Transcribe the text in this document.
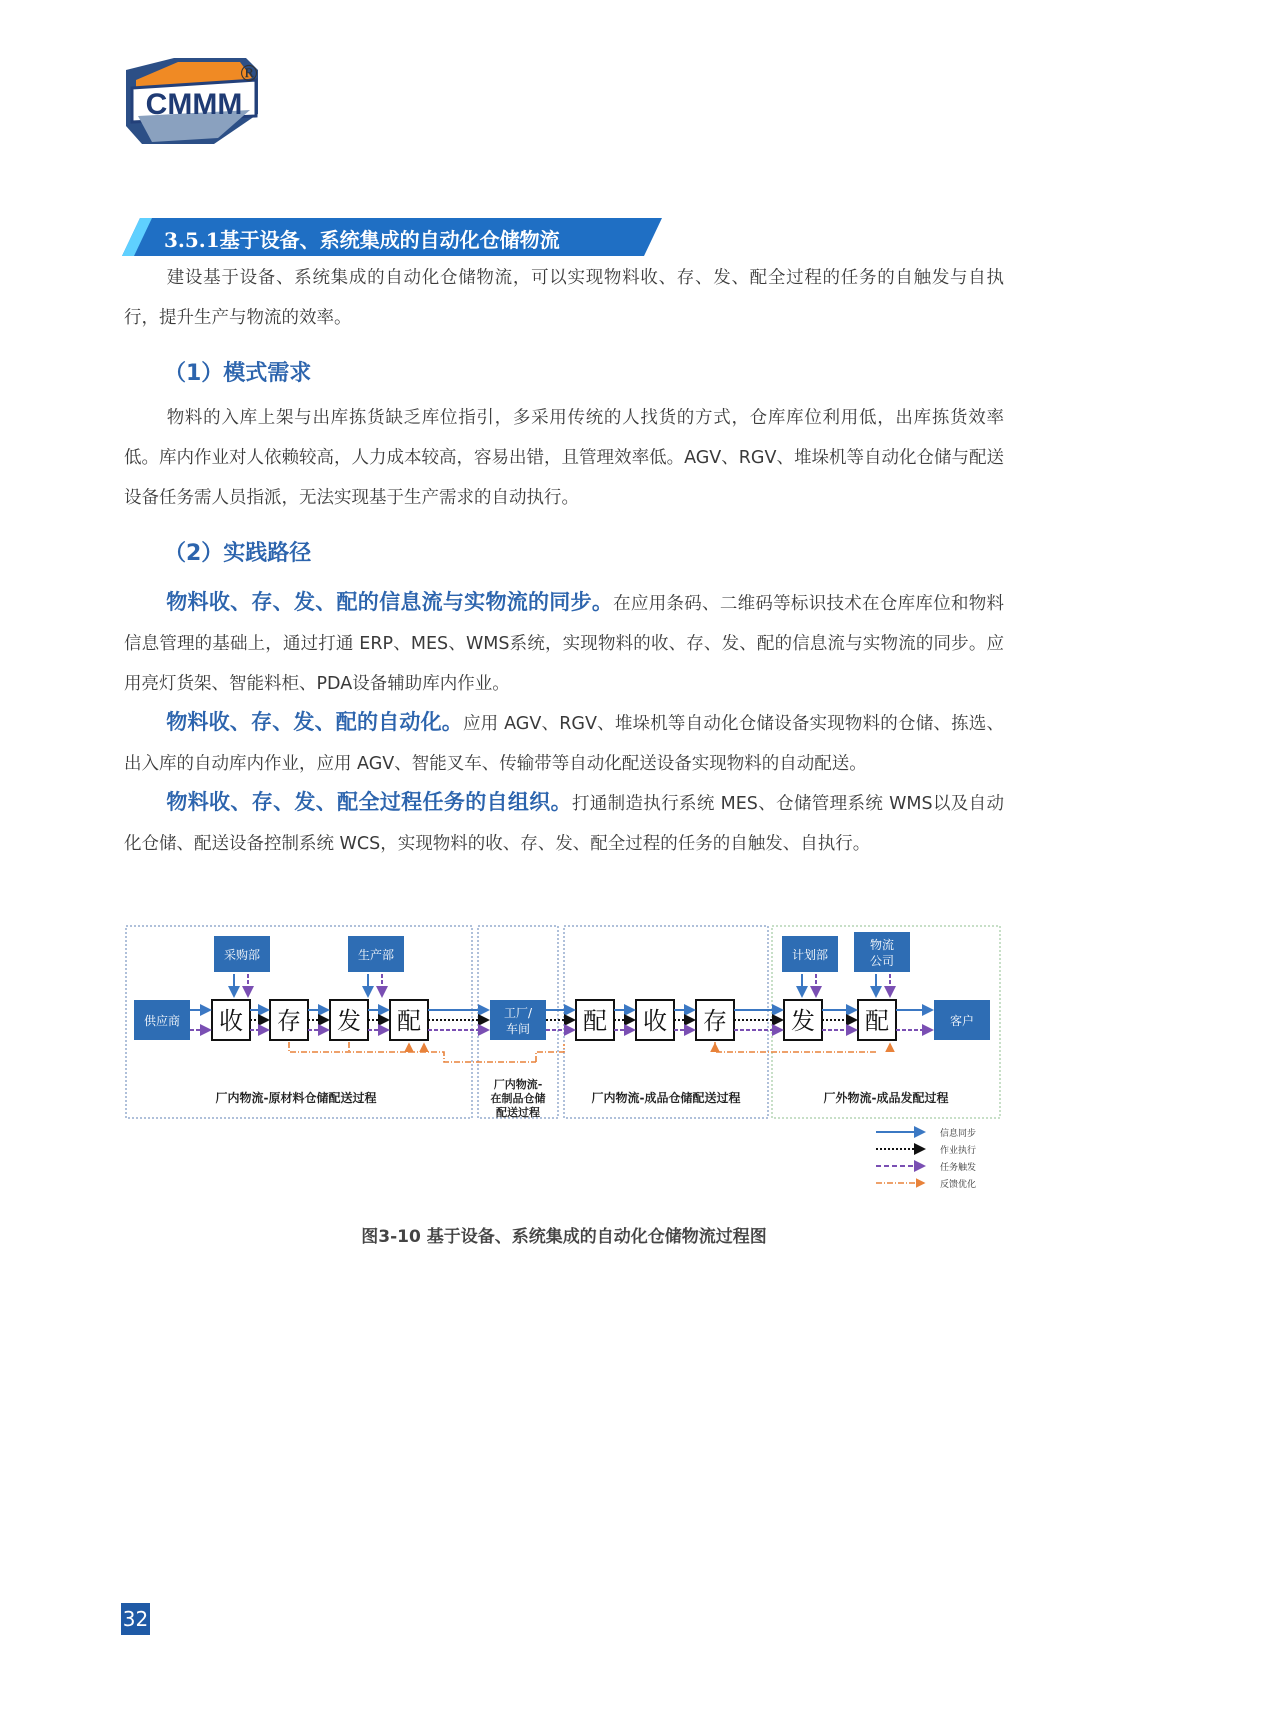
CMMM
®
3.5.1基于设备、系统集成的自动化仓储物流
建设基于设备、系统集成的自动化仓储物流，可以实现物料收、存、发、配全过程的任务的自触发与自执行，提升生产与物流的效率。
（1）模式需求
物料的入库上架与出库拣货缺乏库位指引，多采用传统的人找货的方式，仓库库位利用低，出库拣货效率低。库内作业对人依赖较高，人力成本较高，容易出错，且管理效率低。AGV、RGV、堆垛机等自动化仓储与配送设备任务需人员指派，无法实现基于生产需求的自动执行。
（2）实践路径
物料收、存、发、配的信息流与实物流的同步。在应用条码、二维码等标识技术在仓库库位和物料信息管理的基础上，通过打通 ERP、MES、WMS系统，实现物料的收、存、发、配的信息流与实物流的同步。应用亮灯货架、智能料柜、PDA设备辅助库内作业。
物料收、存、发、配的自动化。应用 AGV、RGV、堆垛机等自动化仓储设备实现物料的仓储、拣选、出入库的自动库内作业，应用 AGV、智能叉车、传输带等自动化配送设备实现物料的自动配送。
物料收、存、发、配全过程任务的自组织。打通制造执行系统 MES、仓储管理系统 WMS以及自动化仓储、配送设备控制系统 WCS，实现物料的收、存、发、配全过程的任务的自触发、自执行。
采购部	生产部	计划部
物流
公司
供应商 收 存 发 配	工厂/
车间 配 收 存	发 配	客户
厂内物流-原材料仓储配送过程
厂内物流-
在制品仓储
配送过程
厂内物流-成品仓储配送过程	厂外物流-成品发配过程
信息同步
作业执行
任务触发
反馈优化
图3-10 基于设备、系统集成的自动化仓储物流过程图
32
